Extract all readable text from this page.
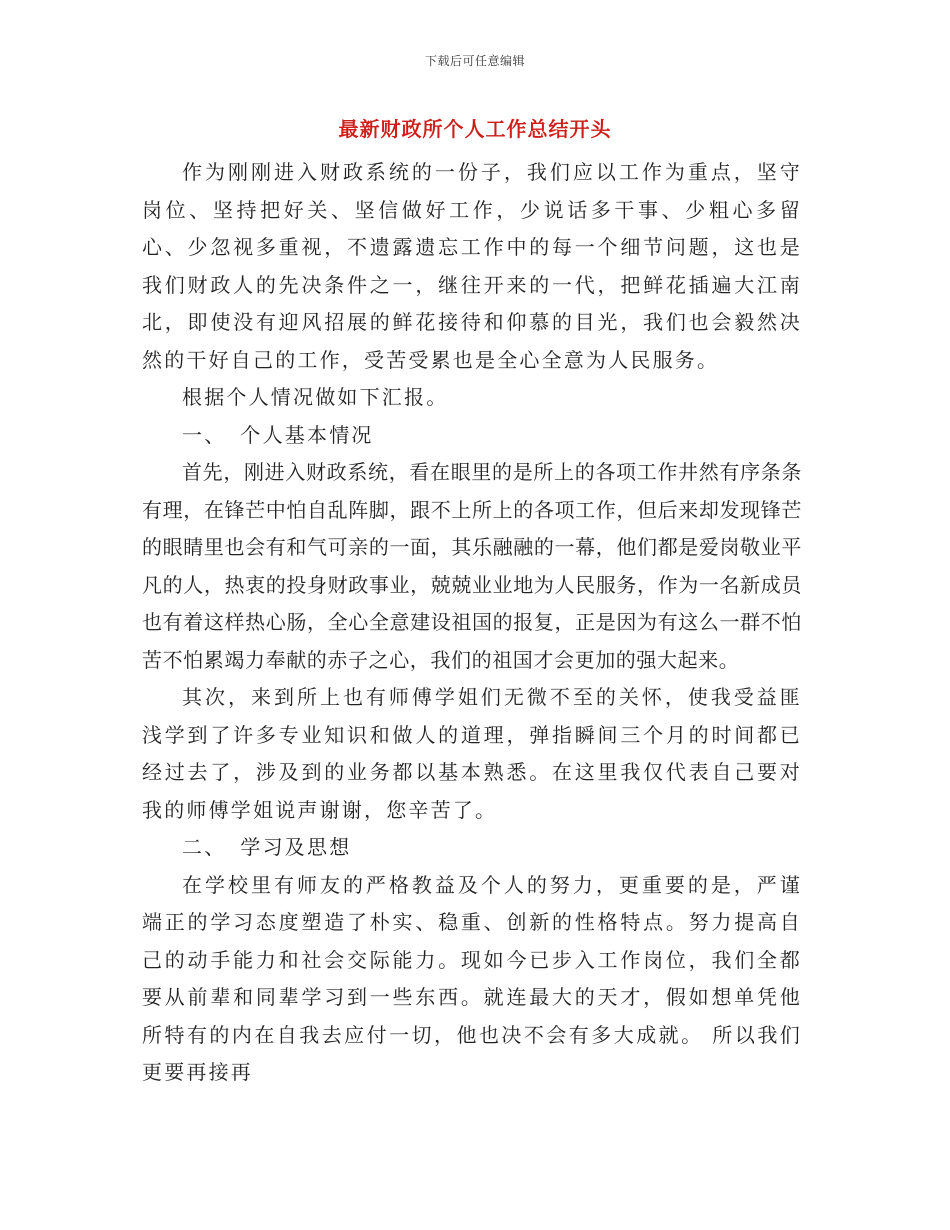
下载后可任意编辑
最新财政所个人工作总结开头

作为刚刚进入财政系统的一份子，我们应以工作为重点，坚守岗位、坚持把好关、坚信做好工作，少说话多干事、少粗心多留心、少忽视多重视，不遗露遗忘工作中的每一个细节问题，这也是我们财政人的先决条件之一，继往开来的一代，把鲜花插遍大江南北，即使没有迎风招展的鲜花接待和仰慕的目光，我们也会毅然决然的干好自己的工作，受苦受累也是全心全意为人民服务。

根据个人情况做如下汇报。

一、 个人基本情况

首先，刚进入财政系统，看在眼里的是所上的各项工作井然有序条条有理，在锋芒中怕自乱阵脚，跟不上所上的各项工作，但后来却发现锋芒的眼睛里也会有和气可亲的一面，其乐融融的一幕，他们都是爱岗敬业平凡的人，热衷的投身财政事业，兢兢业业地为人民服务，作为一名新成员也有着这样热心肠，全心全意建设祖国的报复，正是因为有这么一群不怕苦不怕累竭力奉献的赤子之心，我们的祖国才会更加的强大起来。

其次，来到所上也有师傅学姐们无微不至的关怀，使我受益匪浅学到了许多专业知识和做人的道理，弹指瞬间三个月的时间都已经过去了，涉及到的业务都以基本熟悉。在这里我仅代表自己要对我的师傅学姐说声谢谢，您辛苦了。

二、 学习及思想

在学校里有师友的严格教益及个人的努力，更重要的是，严谨端正的学习态度塑造了朴实、稳重、创新的性格特点。努力提高自己的动手能力和社会交际能力。现如今已步入工作岗位，我们全都要从前辈和同辈学习到一些东西。就连最大的天才，假如想单凭他所特有的内在自我去应付一切，他也决不会有多大成就。 所以我们更要再接再
